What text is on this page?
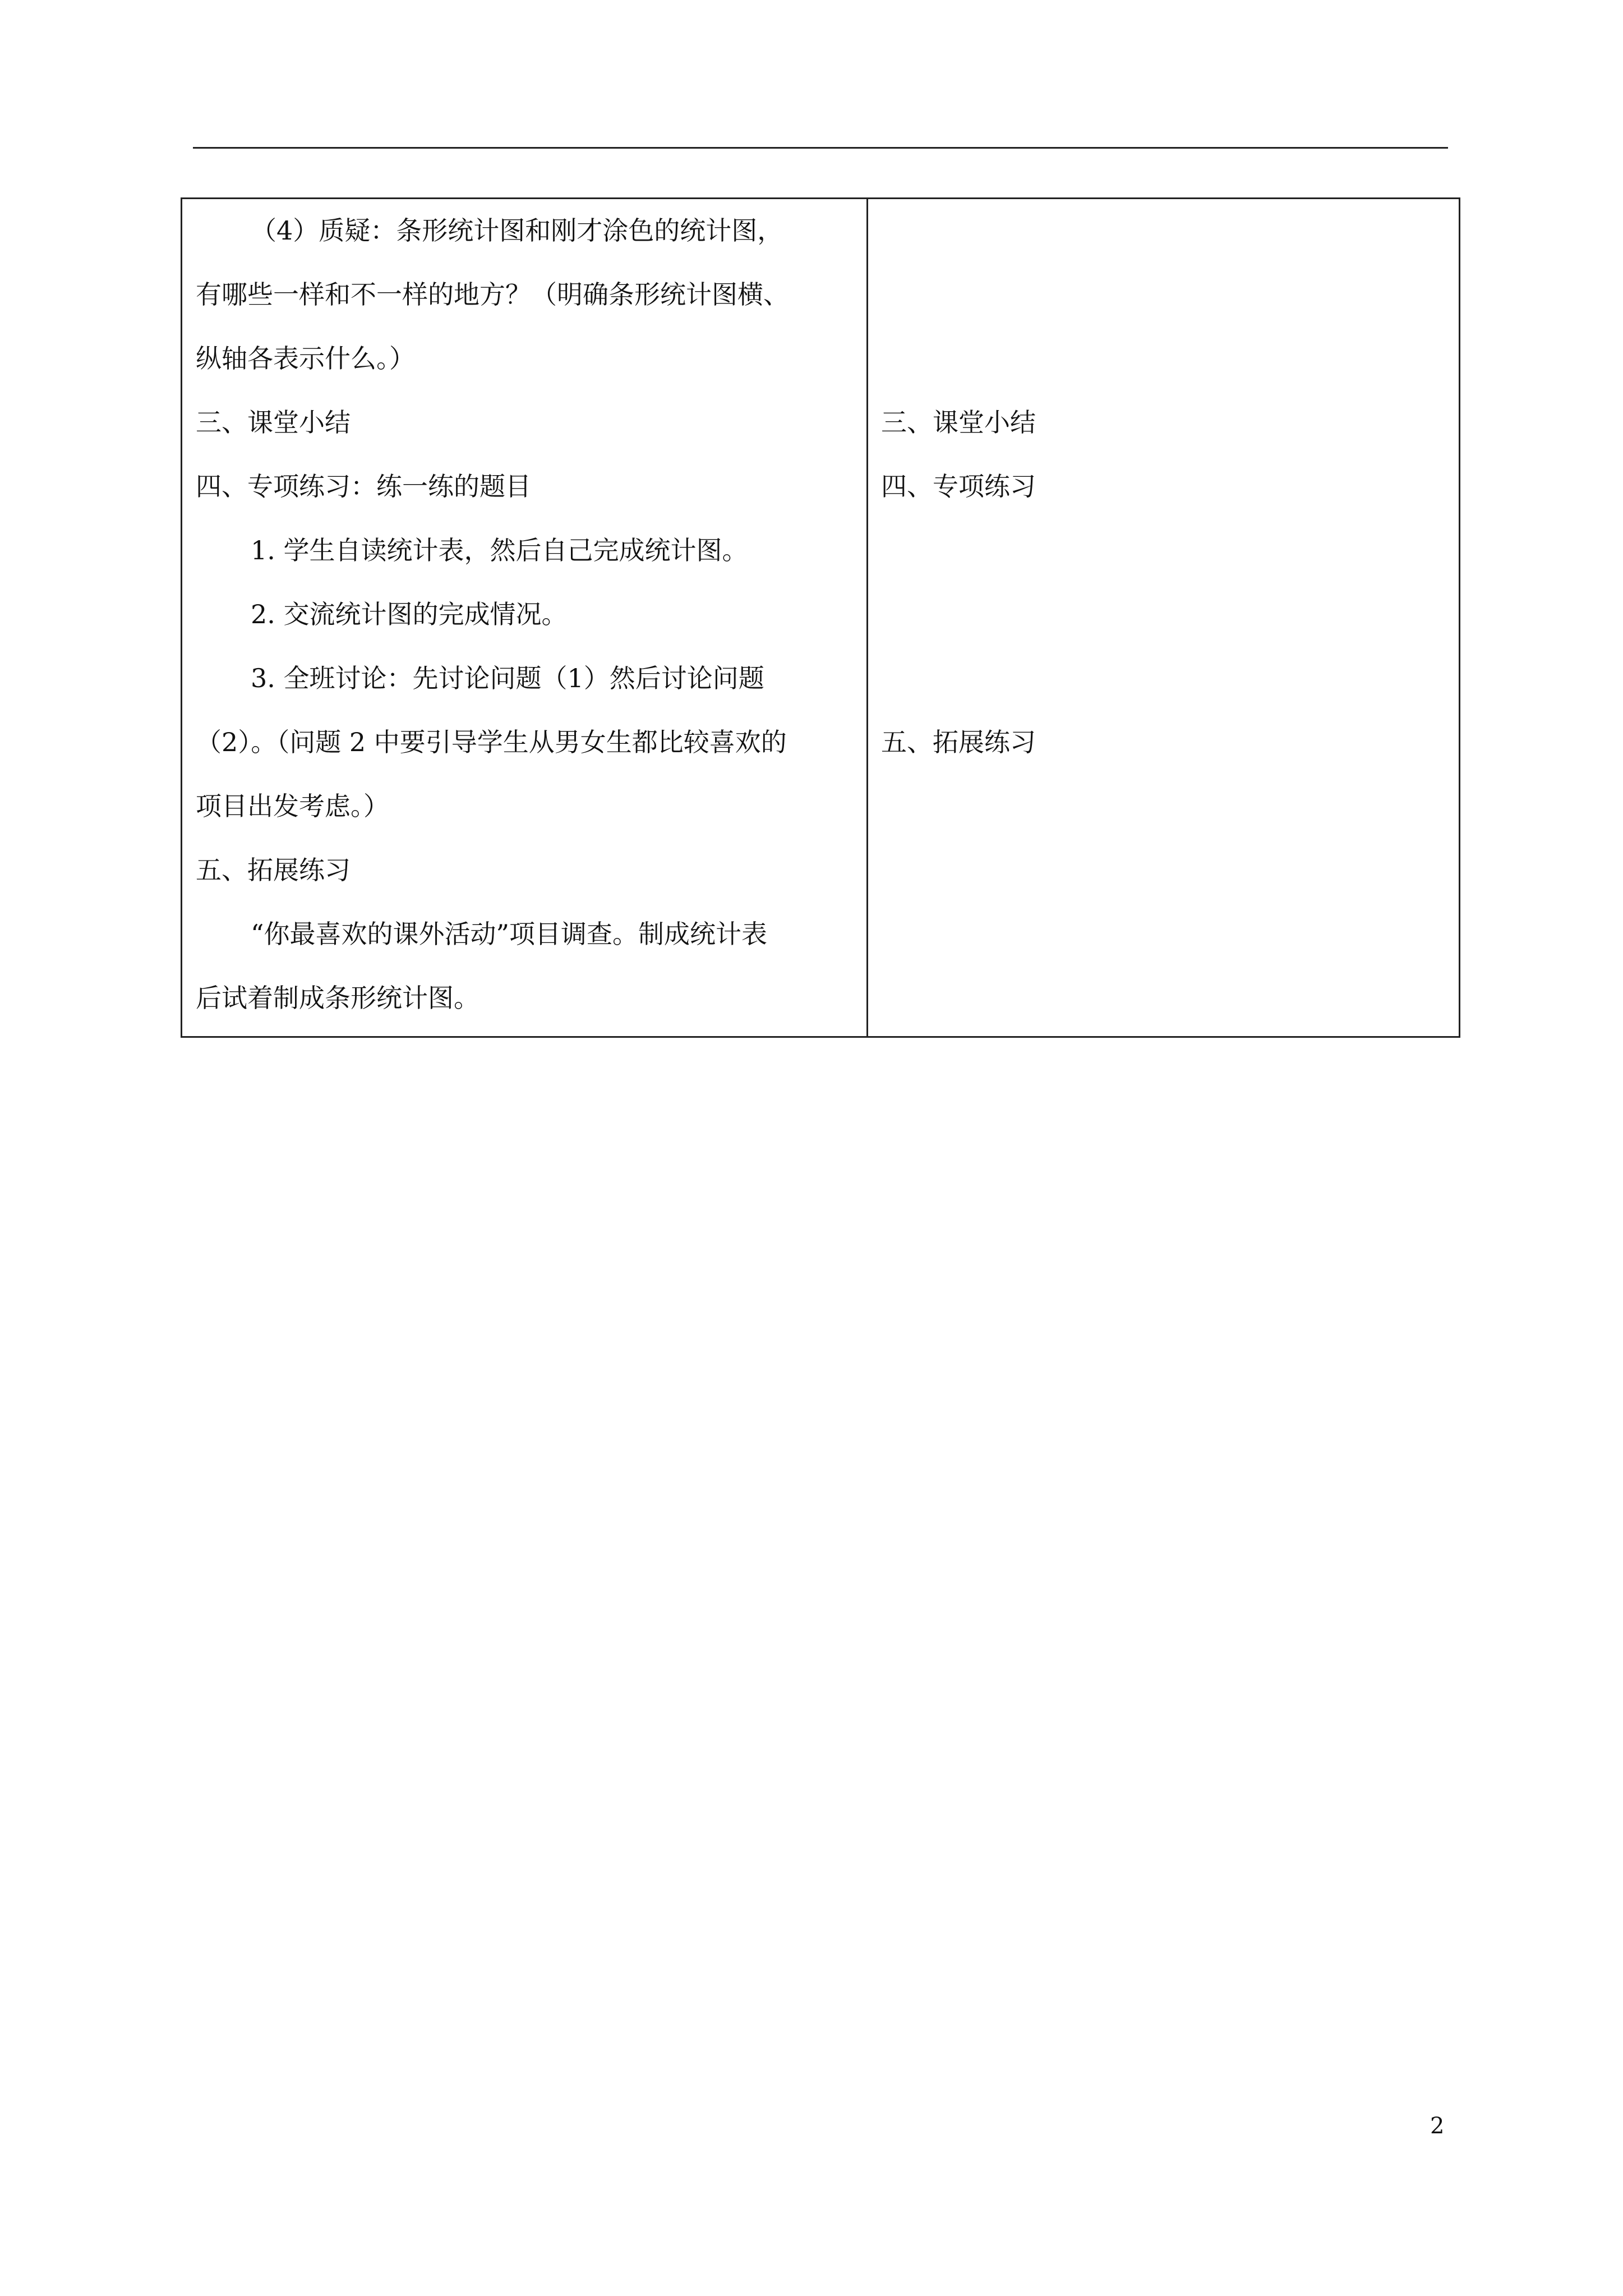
（4）质疑：条形统计图和刚才涂色的统计图，
有哪些一样和不一样的地方？（明确条形统计图横、
纵轴各表示什么。）
三、课堂小结
四、专项练习：练一练的题目
1. 学生自读统计表，然后自己完成统计图。
2. 交流统计图的完成情况。
3. 全班讨论：先讨论问题（1）然后讨论问题
（2）。（问题 2 中要引导学生从男女生都比较喜欢的
项目出发考虑。）
五、拓展练习
“你最喜欢的课外活动”项目调查。制成统计表
后试着制成条形统计图。
三、课堂小结
四、专项练习
五、拓展练习
2
